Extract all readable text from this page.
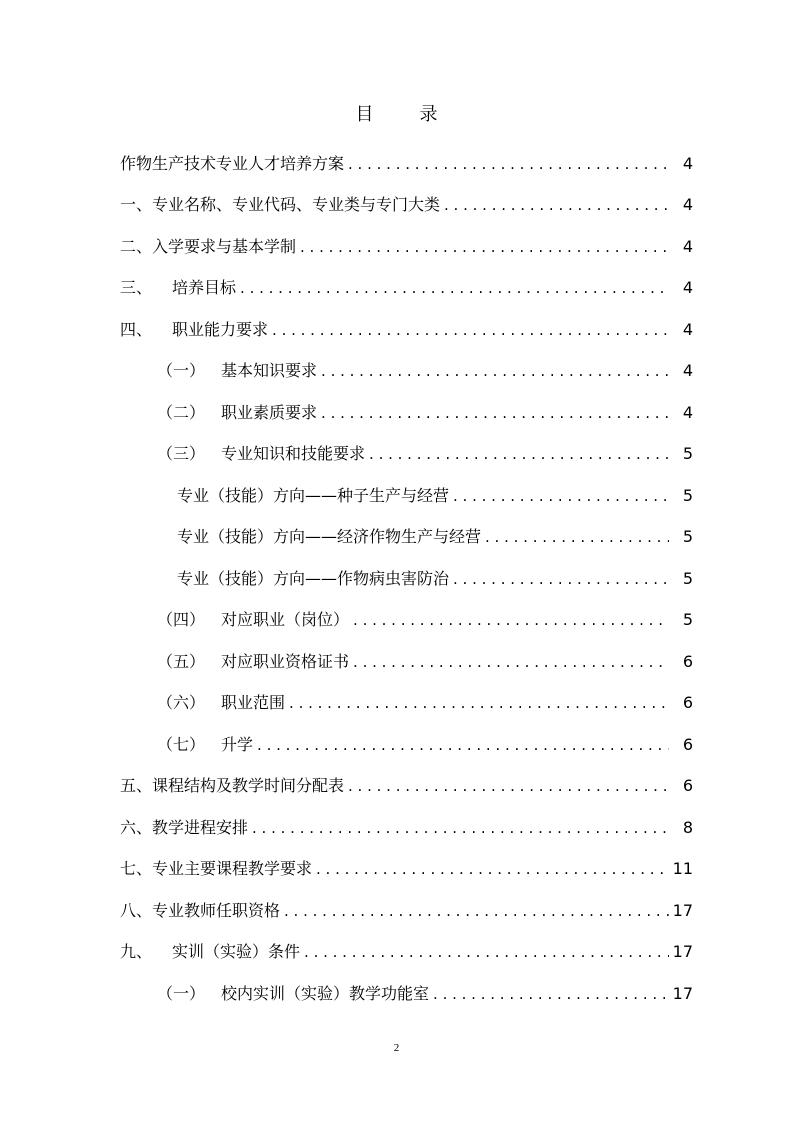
目	录
作物生产技术专业人才培养方案 . . .	4
一、专业名称、专业代码、专业类与专门大类 . . .	4
二、入学要求与基本学制 . . .	4
三、 培养目标 . . .	4
四、 职业能力要求 . . .	4
（一） 基本知识要求 . . .	4
（二） 职业素质要求 . . .	4
（三） 专业知识和技能要求 . . .	5
专业（技能）方向——种子生产与经营 . . .	5
专业（技能）方向——经济作物生产与经营 . . .	5
专业（技能）方向——作物病虫害防治 . . .	5
（四） 对应职业（岗位） . . .	5
（五） 对应职业资格证书 . . .	6
（六） 职业范围 . . .	6
（七） 升学 . . .	6
五、课程结构及教学时间分配表 . . .	6
六、教学进程安排 . . .	8
七、专业主要课程教学要求 . . .	11
八、专业教师任职资格 . . .	17
九、 实训（实验）条件 . . .	17
（一） 校内实训（实验）教学功能室 . . .	17
2
